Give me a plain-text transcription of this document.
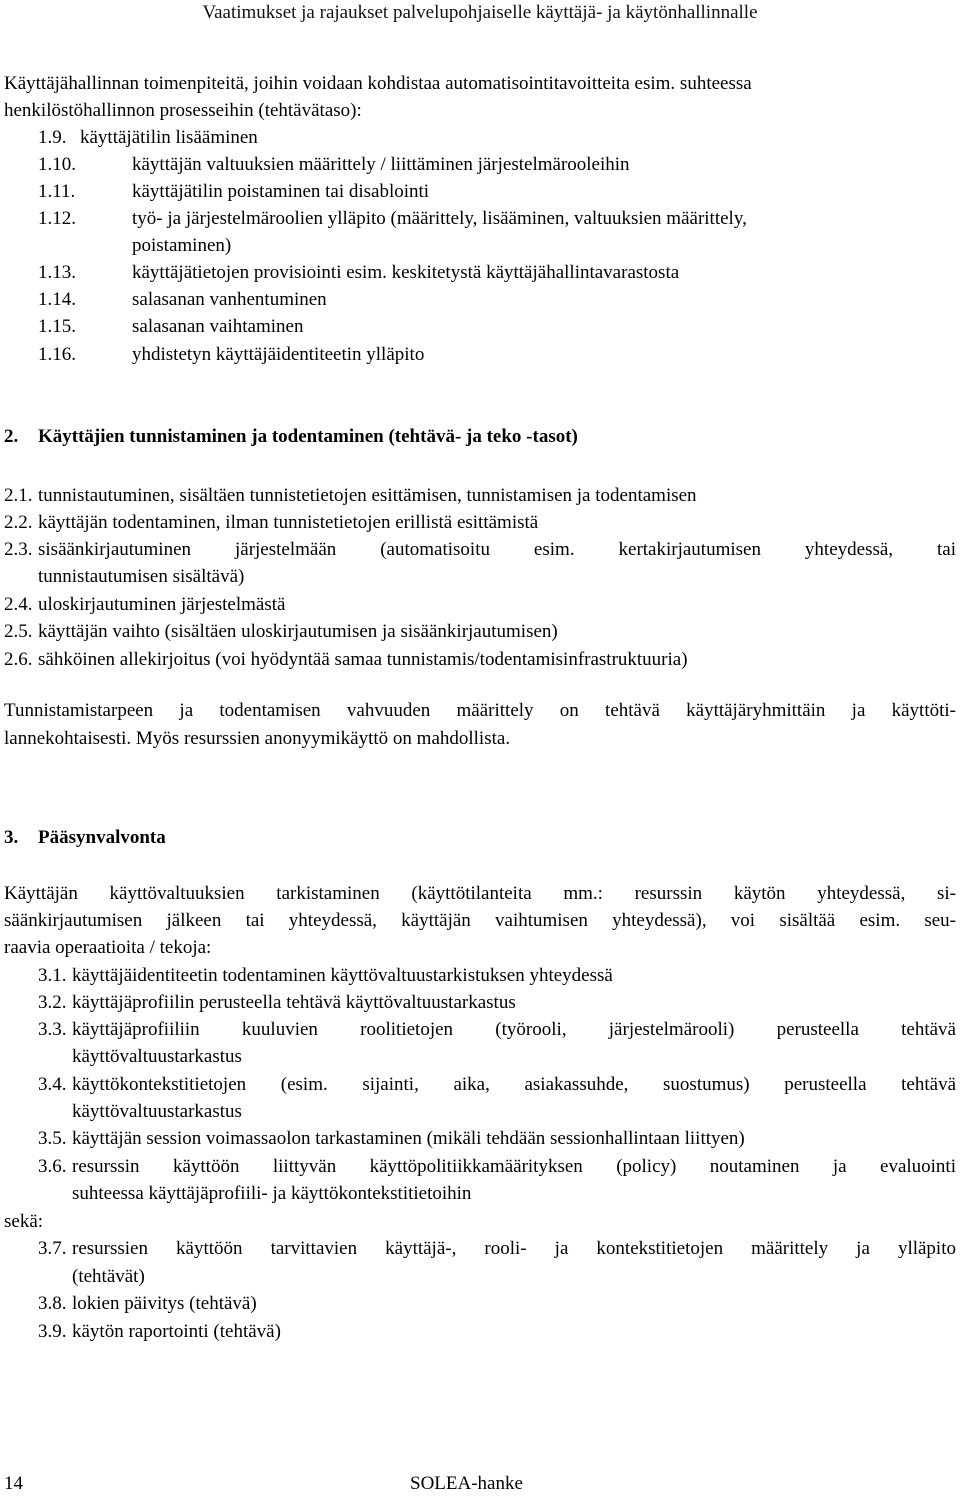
Vaatimukset ja rajaukset palvelupohjaiselle käyttäjä- ja käytönhallinnalle
Käyttäjähallinnan toimenpiteitä, joihin voidaan kohdistaa automatisointitavoitteita esim. suhteessa
henkilöstöhallinnon prosesseihin (tehtävätaso):
1.9. käyttäjätilin lisääminen
1.10.	käyttäjän valtuuksien määrittely / liittäminen järjestelmärooleihin
1.11.	käyttäjätilin poistaminen tai disablointi
1.12.	työ- ja järjestelmäroolien ylläpito (määrittely, lisääminen, valtuuksien määrittely,
poistaminen)
1.13.	käyttäjätietojen provisiointi esim. keskitetystä käyttäjähallintavarastosta
1.14.	salasanan vanhentuminen
1.15.	salasanan vaihtaminen
1.16.	yhdistetyn käyttäjäidentiteetin ylläpito
2. Käyttäjien tunnistaminen ja todentaminen (tehtävä- ja teko -tasot)
2.1. tunnistautuminen, sisältäen tunnistetietojen esittämisen, tunnistamisen ja todentamisen
2.2. käyttäjän todentaminen, ilman tunnistetietojen erillistä esittämistä
2.3. sisäänkirjautuminen järjestelmään (automatisoitu esim. kertakirjautumisen yhteydessä, tai
tunnistautumisen sisältävä)
2.4. uloskirjautuminen järjestelmästä
2.5. käyttäjän vaihto (sisältäen uloskirjautumisen ja sisäänkirjautumisen)
2.6. sähköinen allekirjoitus (voi hyödyntää samaa tunnistamis/todentamisinfrastruktuuria)
Tunnistamistarpeen ja todentamisen vahvuuden määrittely on tehtävä käyttäjäryhmittäin ja käyttöti-
lannekohtaisesti. Myös resurssien anonyymikäyttö on mahdollista.
3. Pääsynvalvonta
Käyttäjän käyttövaltuuksien tarkistaminen (käyttötilanteita mm.: resurssin käytön yhteydessä, si-
säänkirjautumisen jälkeen tai yhteydessä, käyttäjän vaihtumisen yhteydessä), voi sisältää esim. seu-
raavia operaatioita / tekoja:
3.1. käyttäjäidentiteetin todentaminen käyttövaltuustarkistuksen yhteydessä
3.2. käyttäjäprofiilin perusteella tehtävä käyttövaltuustarkastus
3.3. käyttäjäprofiiliin kuuluvien roolitietojen (työrooli, järjestelmärooli) perusteella tehtävä
käyttövaltuustarkastus
3.4. käyttökontekstitietojen (esim. sijainti, aika, asiakassuhde, suostumus) perusteella tehtävä
käyttövaltuustarkastus
3.5. käyttäjän session voimassaolon tarkastaminen (mikäli tehdään sessionhallintaan liittyen)
3.6. resurssin käyttöön liittyvän käyttöpolitiikkamäärityksen (policy) noutaminen ja evaluointi
suhteessa käyttäjäprofiili- ja käyttökontekstitietoihin
sekä:
3.7. resurssien käyttöön tarvittavien käyttäjä-, rooli- ja kontekstitietojen määrittely ja ylläpito
(tehtävät)
3.8. lokien päivitys (tehtävä)
3.9. käytön raportointi (tehtävä)
14	SOLEA-hanke
